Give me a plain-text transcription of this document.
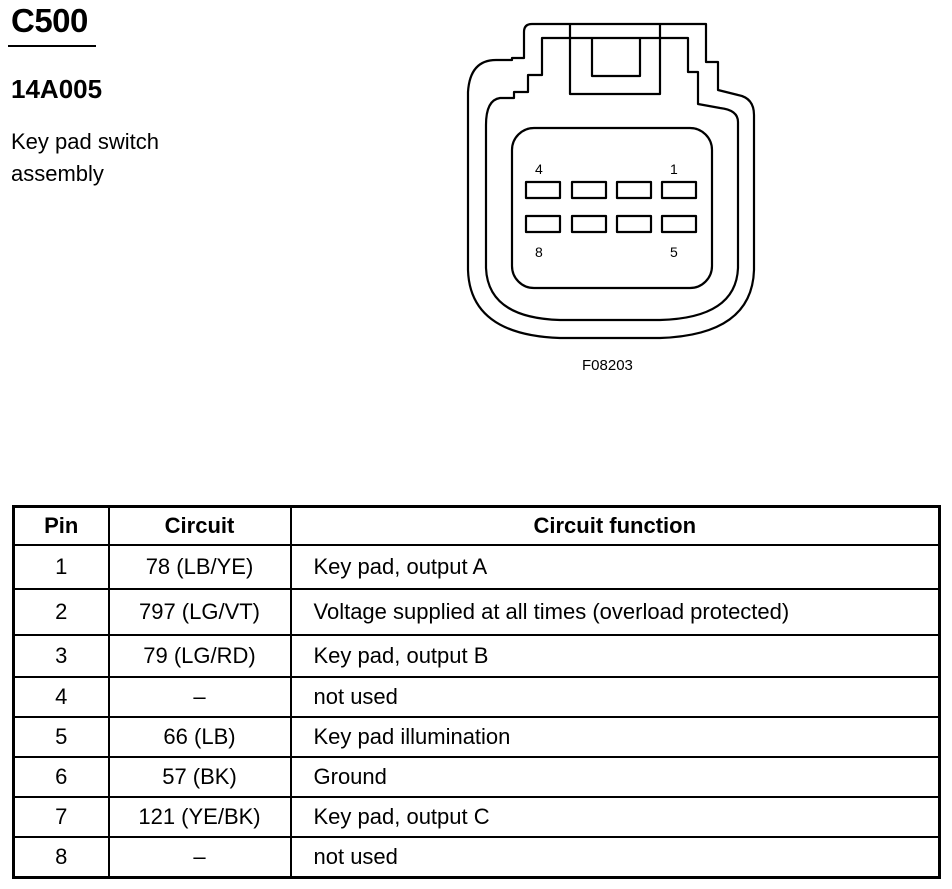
C500
14A005
Key pad switch assembly	4	1
8	5
F08203
Pin	Circuit	Circuit function
1	78 (LB/YE)	Key pad, output A
2	797 (LG/VT)	Voltage supplied at all times (overload protected)
3	79 (LG/RD)	Key pad, output B
4	–	not used
5	66 (LB)	Key pad illumination
6	57 (BK)	Ground
7	121 (YE/BK)	Key pad, output C
8	–	not used
